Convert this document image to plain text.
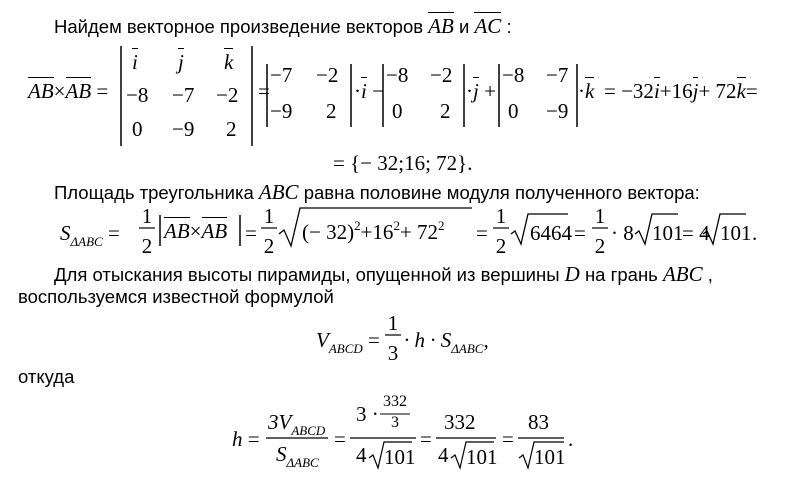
Найдем векторное произведение векторов AB и AC :
AB×AB =
i j k
−8 −7 −2
0 −9 2
=
−7 −2
−9 2
·i −
−8 −2
0 2
·j +
−8 −7
0 −9
·k = −32i+16j+ 72k=
= {− 32;16; 72}.
Площадь треугольника ABC равна половине модуля полученного вектора:
$S_{\Delta ABC}$ =
1
2
AB×AB =
1
2
(− $32)^2+16^2+ 72^2$ =
1
2
6464 =
1
2
· 8 101
= 4 101 .
Для отыскания высоты пирамиды, опущенной из вершины D на грань ABC ,
воспользуемся известной формулой
$V_{ABCD}$ =
1
3
· $h \cdot S_{\Delta ABC}$,
откуда
h =
$3V_{ABCD}$
$S_{\Delta ABC}$
=
3 ·
332
3
4 101
=
332
4 101
=
83
101
.
